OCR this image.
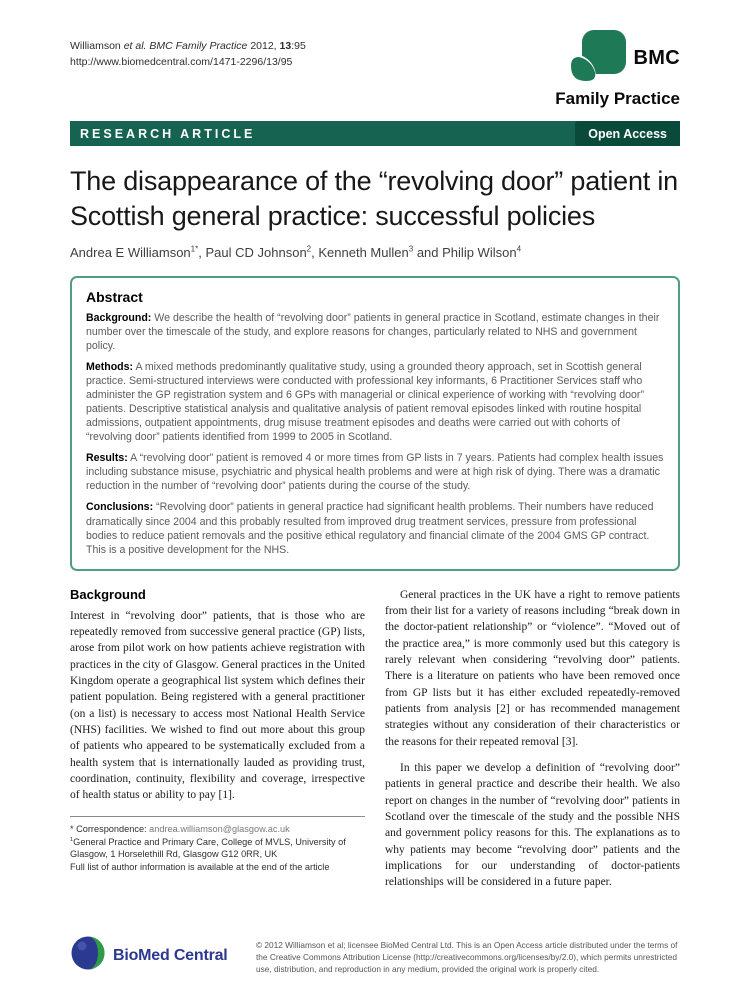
Williamson et al. BMC Family Practice 2012, 13:95
http://www.biomedcentral.com/1471-2296/13/95	BMC
Family Practice
RESEARCH ARTICLE	Open Access
The disappearance of the “revolving door” patient in Scottish general practice: successful policies
Andrea E Williamson$^{1*}$, Paul CD Johnson$^2$, Kenneth Mullen$^3$ and Philip Wilson$^4$
Abstract

Background: We describe the health of “revolving door” patients in general practice in Scotland, estimate changes in their number over the timescale of the study, and explore reasons for changes, particularly related to NHS and government policy.

Methods: A mixed methods predominantly qualitative study, using a grounded theory approach, set in Scottish general practice. Semi-structured interviews were conducted with professional key informants, 6 Practitioner Services staff who administer the GP registration system and 6 GPs with managerial or clinical experience of working with “revolving door” patients. Descriptive statistical analysis and qualitative analysis of patient removal episodes linked with routine hospital admissions, outpatient appointments, drug misuse treatment episodes and deaths were carried out with cohorts of “revolving door” patients identified from 1999 to 2005 in Scotland.

Results: A “revolving door” patient is removed 4 or more times from GP lists in 7 years. Patients had complex health issues including substance misuse, psychiatric and physical health problems and were at high risk of dying. There was a dramatic reduction in the number of “revolving door” patients during the course of the study.

Conclusions: “Revolving door” patients in general practice had significant health problems. Their numbers have reduced dramatically since 2004 and this probably resulted from improved drug treatment services, pressure from professional bodies to reduce patient removals and the positive ethical regulatory and financial climate of the 2004 GMS GP contract. This is a positive development for the NHS.

Background

Interest in “revolving door” patients, that is those who are repeatedly removed from successive general practice (GP) lists, arose from pilot work on how patients achieve registration with practices in the city of Glasgow. General practices in the United Kingdom operate a geographical list system which defines their patient population. Being registered with a general practitioner (on a list) is necessary to access most National Health Service (NHS) facilities. We wished to find out more about this group of patients who appeared to be systematically excluded from a health system that is internationally lauded as providing trust, coordination, continuity, flexibility and coverage, irrespective of health status or ability to pay [1].

* Correspondence: andrea.williamson@glasgow.ac.uk
$^1$General Practice and Primary Care, College of MVLS, University of Glasgow, 1 Horselethill Rd, Glasgow G12 0RR, UK
Full list of author information is available at the end of the article

General practices in the UK have a right to remove patients from their list for a variety of reasons including “break down in the doctor-patient relationship” or “violence”. “Moved out of the practice area,” is more commonly used but this category is rarely relevant when considering “revolving door” patients. There is a literature on patients who have been removed once from GP lists but it has either excluded repeatedly-removed patients from analysis [2] or has recommended management strategies without any consideration of their characteristics or the reasons for their repeated removal [3].

In this paper we develop a definition of “revolving door” patients in general practice and describe their health. We also report on changes in the number of “revolving door” patients in Scotland over the timescale of the study and the possible NHS and government policy reasons for this. The explanations as to why patients may become “revolving door” patients and the implications for our understanding of doctor-patients relationships will be considered in a future paper.

BioMed Central
© 2012 Williamson et al; licensee BioMed Central Ltd. This is an Open Access article distributed under the terms of the Creative Commons Attribution License (http://creativecommons.org/licenses/by/2.0), which permits unrestricted use, distribution, and reproduction in any medium, provided the original work is properly cited.
